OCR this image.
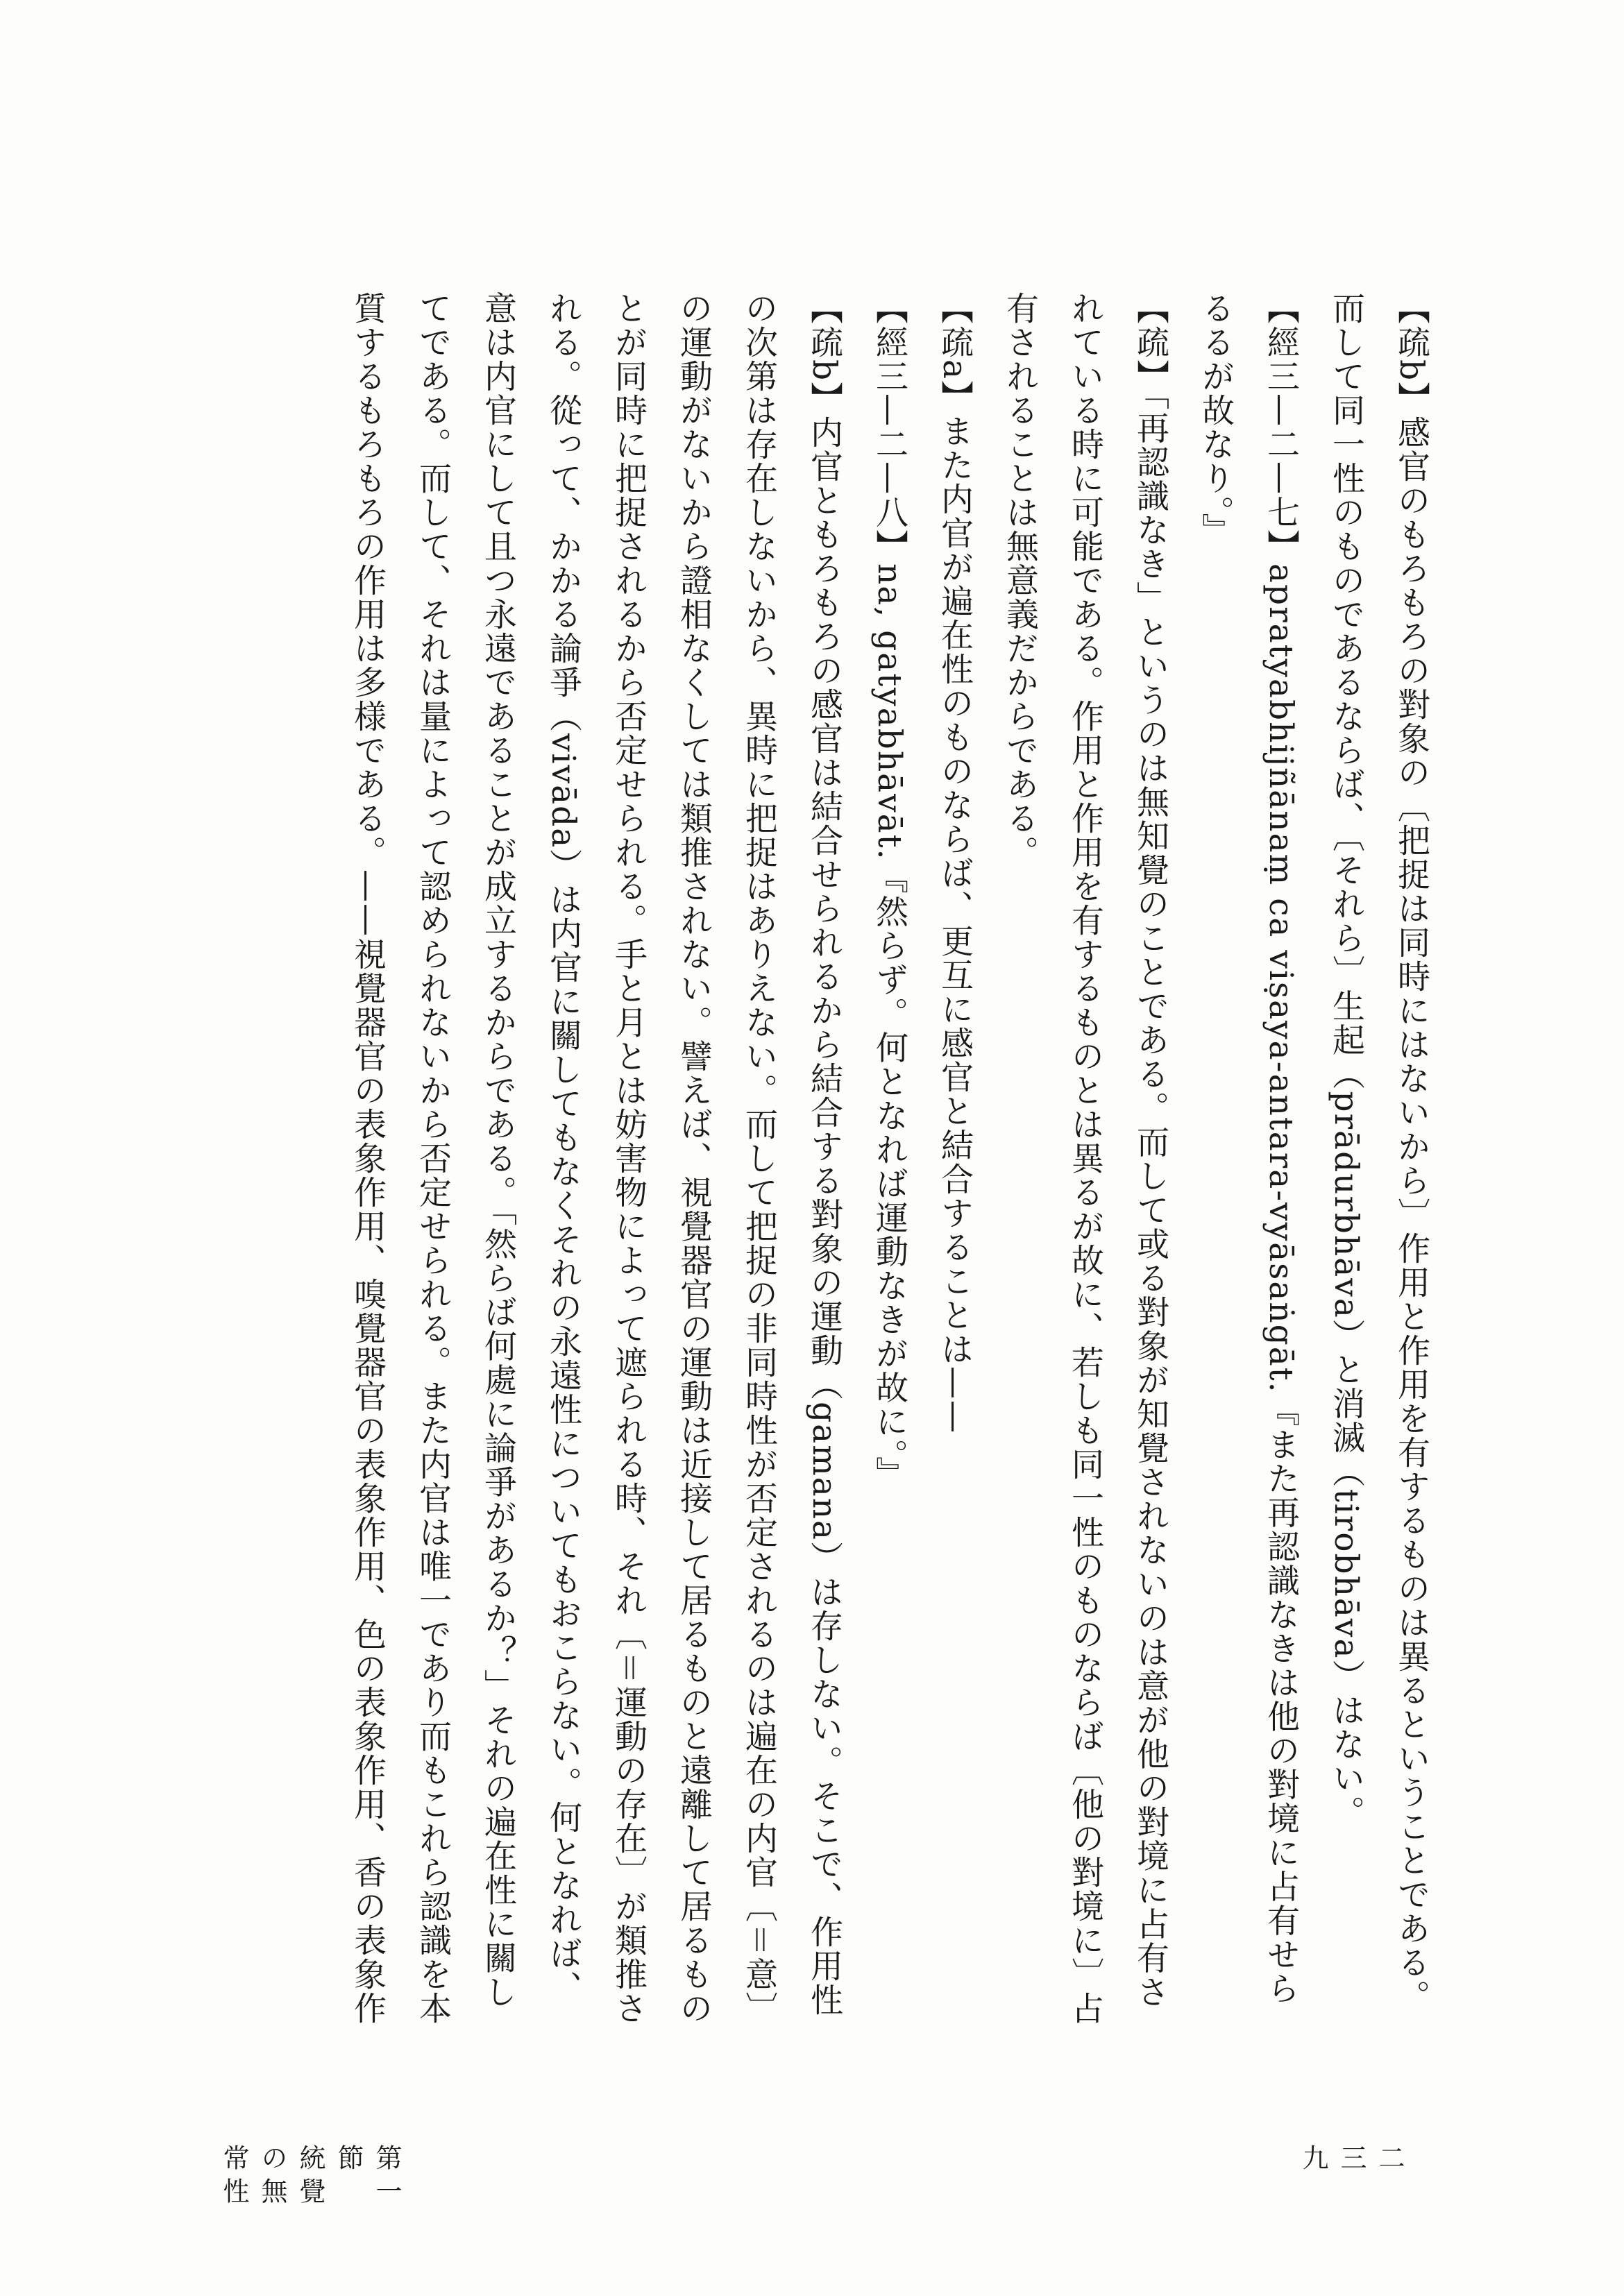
【疏b】感官のもろもろの對象の〔把捉は同時にはないから〕作用と作用を有するものは異るということである。而して同一性のものであるならば、〔それら〕生起（prādurbhāva）と消滅（tirobhāva）はない。

【經三—二—七】apratyabhijñānaṃ ca viṣaya-antara-vyāsaṅgāt.『また再認識なきは他の對境に占有せらるるが故なり。』

【疏】「再認識なき」というのは無知覺のことである。而して或る對象が知覺されないのは意が他の對境に占有されている時に可能である。作用と作用を有するものとは異るが故に、若しも同一性のものならば〔他の對境に〕占有されることは無意義だからである。

【疏a】また内官が遍在性のものならば、更互に感官と結合することは——

【經三—二—八】na, gatyabhāvāt.『然らず。何となれば運動なきが故に。』

【疏b】内官ともろもろの感官は結合せられるから結合する對象の運動（gamana）は存しない。そこで、作用性の次第は存在しないから、異時に把捉はありえない。而して把捉の非同時性が否定されるのは遍在の内官〔＝意〕の運動がないから證相なくしては類推されない。譬えば、視覺器官の運動は近接して居るものと遠離して居るものとが同時に把捉されるから否定せられる。手と月とは妨害物によって遮られる時、それ〔＝運動の存在〕が類推される。從って、かかる論爭（vivāda）は内官に關してもなくそれの永遠性についてもおこらない。何となれば、意は内官にして且つ永遠であることが成立するからである。「然らば何處に論爭があるか？」それの遍在性に關してである。而して、それは量によって認められないから否定せられる。また内官は唯一であり而もこれら認識を本質するもろもろの作用は多様である。——視覺器官の表象作用、嗅覺器官の表象作用、色の表象作用、香の表象作

第一節　統覺の無常性	二三九
